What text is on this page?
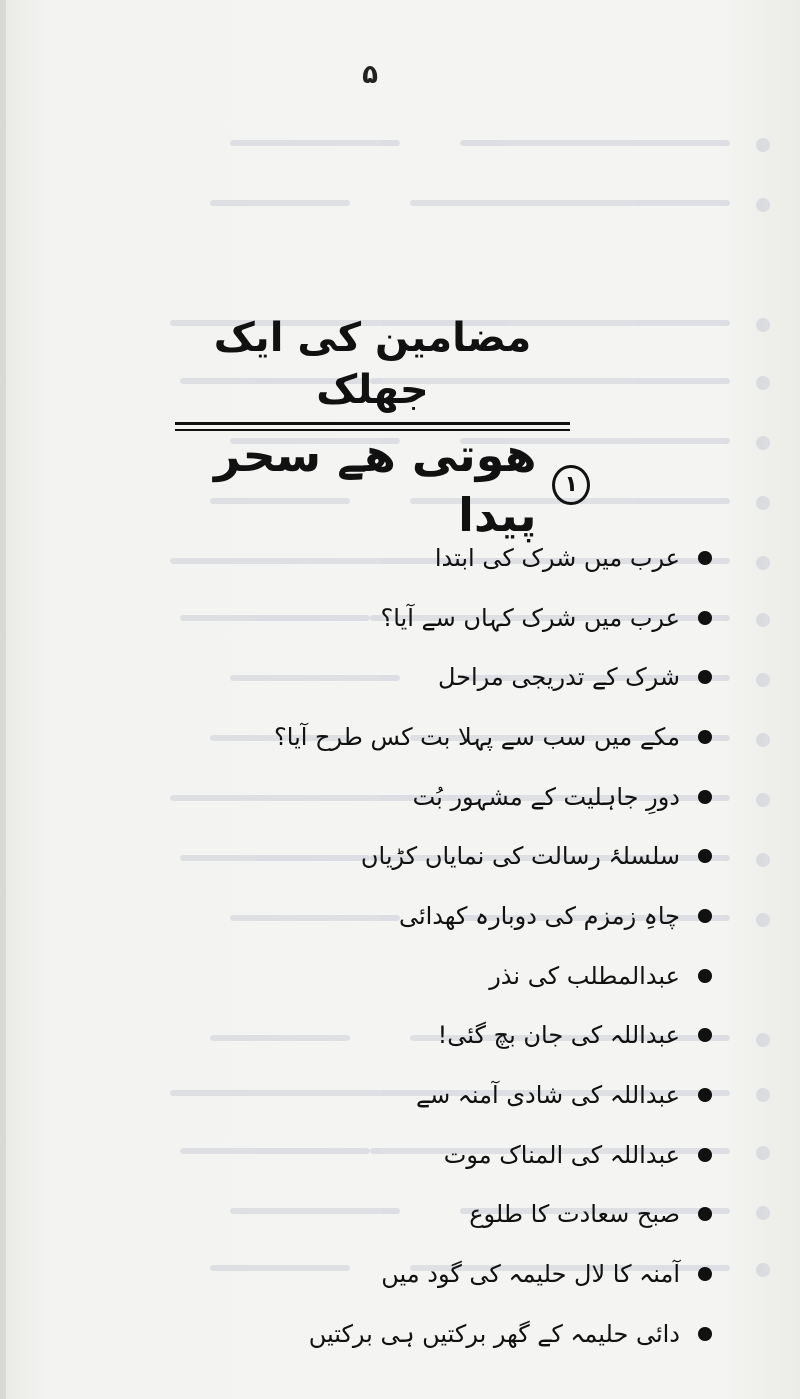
۵
مضامین کی ایک جھلک
١
ھوتی ھے سحر پیدا
عرب میں شرک کی ابتدا
عرب میں شرک کہاں سے آیا؟
شرک کے تدریجی مراحل
مکے میں سب سے پہلا بت کس طرح آیا؟
دورِ جاہلیت کے مشہور بُت
سلسلۂ رسالت کی نمایاں کڑیاں
چاہِ زمزم کی دوبارہ کھدائی
عبدالمطلب کی نذر
عبداللہ کی جان بچ گئی!
عبداللہ کی شادی آمنہ سے
عبداللہ کی المناک موت
صبح سعادت کا طلوع
آمنہ کا لال حلیمہ کی گود میں
دائی حلیمہ کے گھر برکتیں ہی برکتیں
